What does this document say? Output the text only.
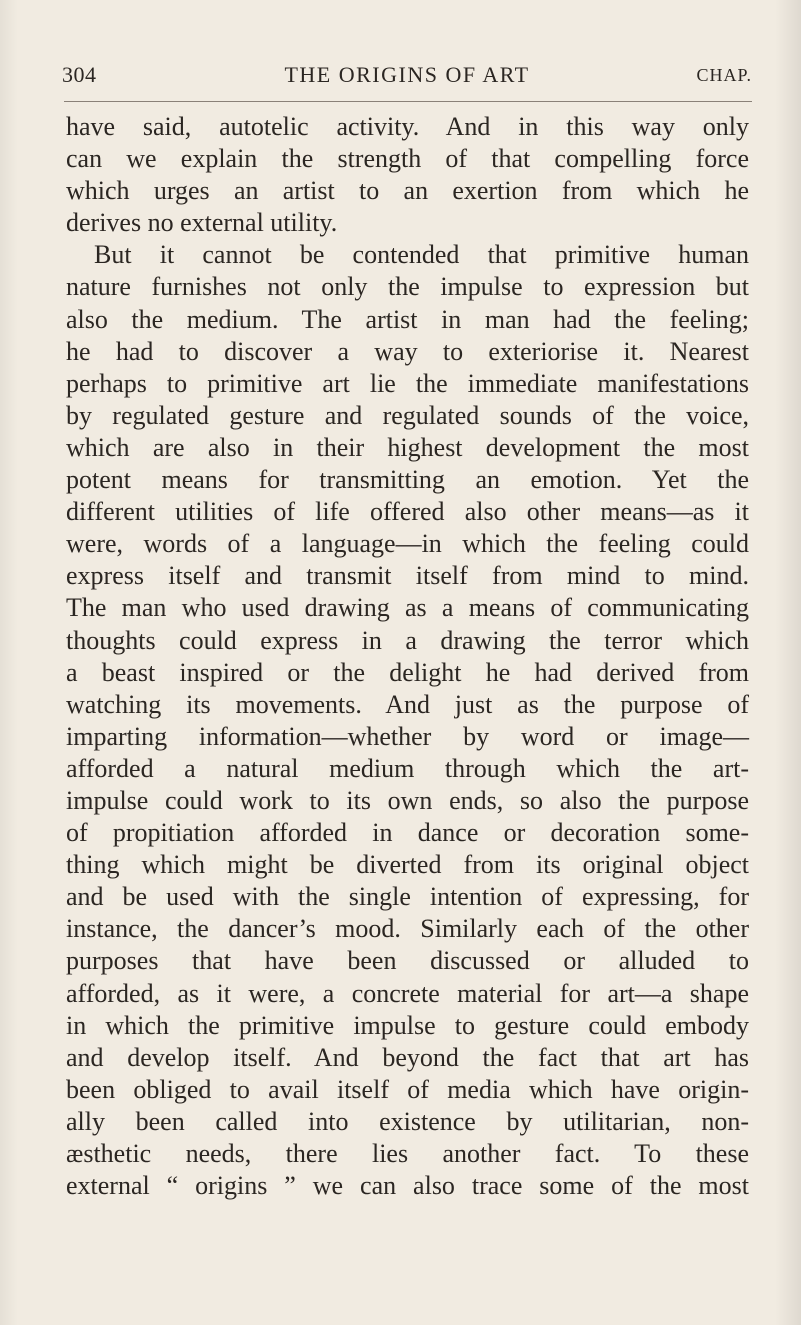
304	THE ORIGINS OF ART	CHAP.
have said, autotelic activity. And in this way only
can we explain the strength of that compelling force
which urges an artist to an exertion from which he
derives no external utility.
But it cannot be contended that primitive human
nature furnishes not only the impulse to expression but
also the medium. The artist in man had the feeling;
he had to discover a way to exteriorise it. Nearest
perhaps to primitive art lie the immediate manifestations
by regulated gesture and regulated sounds of the voice,
which are also in their highest development the most
potent means for transmitting an emotion. Yet the
different utilities of life offered also other means—as it
were, words of a language—in which the feeling could
express itself and transmit itself from mind to mind.
The man who used drawing as a means of communicating
thoughts could express in a drawing the terror which
a beast inspired or the delight he had derived from
watching its movements. And just as the purpose of
imparting information—whether by word or image—
afforded a natural medium through which the art-
impulse could work to its own ends, so also the purpose
of propitiation afforded in dance or decoration some-
thing which might be diverted from its original object
and be used with the single intention of expressing, for
instance, the dancer’s mood. Similarly each of the other
purposes that have been discussed or alluded to
afforded, as it were, a concrete material for art—a shape
in which the primitive impulse to gesture could embody
and develop itself. And beyond the fact that art has
been obliged to avail itself of media which have origin-
ally been called into existence by utilitarian, non-
æsthetic needs, there lies another fact. To these
external “ origins ” we can also trace some of the most
